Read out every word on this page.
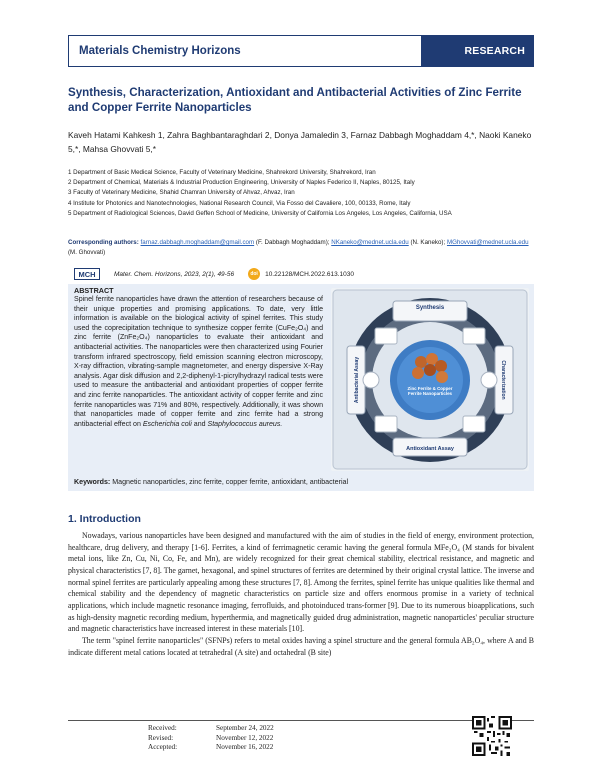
Materials Chemistry Horizons	RESEARCH
Synthesis, Characterization, Antioxidant and Antibacterial Activities of Zinc Ferrite and Copper Ferrite Nanoparticles
Kaveh Hatami Kahkesh 1, Zahra Baghbantaraghdari 2, Donya Jamaledin 3, Farnaz Dabbagh Moghaddam 4,*, Naoki Kaneko 5,*, Mahsa Ghovvati 5,*
1 Department of Basic Medical Science, Faculty of Veterinary Medicine, Shahrekord University, Shahrekord, Iran
2 Department of Chemical, Materials & Industrial Production Engineering, University of Naples Federico II, Naples, 80125, Italy
3 Faculty of Veterinary Medicine, Shahid Chamran University of Ahvaz, Ahvaz, Iran
4 Institute for Photonics and Nanotechnologies, National Research Council, Via Fosso del Cavaliere, 100, 00133, Rome, Italy
5 Department of Radiological Sciences, David Geffen School of Medicine, University of California Los Angeles, Los Angeles, California, USA
Corresponding authors: farnaz.dabbagh.moghaddam@gmail.com (F. Dabbagh Moghaddam); NKaneko@mednet.ucla.edu (N. Kaneko); MGhovvati@mednet.ucla.edu (M. Ghovvati)
MCH	Mater. Chem. Horizons, 2023, 2(1), 49-56	doi	10.22128/MCH.2022.613.1030
ABSTRACT
Spinel ferrite nanoparticles have drawn the attention of researchers because of their unique properties and promising applications. To date, very little information is available on the biological activity of spinel ferrites. This study used the coprecipitation technique to synthesize copper ferrite (CuFe₂O₄) and zinc ferrite (ZnFe₂O₄) nanoparticles to evaluate their antioxidant and antibacterial activities. The nanoparticles were then characterized using Fourier transform infrared spectroscopy, field emission scanning electron microscopy, X-ray diffraction, vibrating-sample magnetometer, and energy dispersive X-Ray analysis. Agar disk diffusion and 2,2-diphenyl-1-picrylhydrazyl radical tests were used to measure the antibacterial and antioxidant properties of copper ferrite and zinc ferrite nanoparticles. The antioxidant activity of copper ferrite and zinc ferrite nanoparticles was 71% and 80%, respectively. Additionally, it was shown that nanoparticles made of copper ferrite and zinc ferrite had a strong antibacterial effect on Escherichia coli and Staphylococcus aureus.
Synthesis
Antioxidant Assay
Antibacterial Assay	Characterization
Zinc Ferrite & Copper Ferrite Nanoparticles
Keywords: Magnetic nanoparticles, zinc ferrite, copper ferrite, antioxidant, antibacterial
1. Introduction

Nowadays, various nanoparticles have been designed and manufactured with the aim of studies in the field of energy, environment protection, healthcare, drug delivery, and therapy [1-6]. Ferrites, a kind of ferrimagnetic ceramic having the general formula MFe₂O₄ (M stands for bivalent metal ions, like Zn, Cu, Ni, Co, Fe, and Mn), are widely recognized for their great chemical stability, electrical resistance, and magnetic and physical characteristics [7, 8]. The garnet, hexagonal, and spinel structures of ferrites are determined by their original crystal lattice. The inverse and normal spinel ferrites are particularly appealing among these structures [7, 8]. Among the ferrites, spinel ferrite has unique qualities like thermal and chemical stability and the dependency of magnetic characteristics on particle size and offers enormous promise in a variety of technical applications, which include magnetic resonance imaging, ferrofluids, and photoinduced trans-former [9]. Due to its numerous bioapplications, such as high-density magnetic recording medium, hyperthermia, and magnetically guided drug administration, magnetic nanoparticles' peculiar structure and magnetic characteristics have increased interest in these materials [10].

The term "spinel ferrite nanoparticles" (SFNPs) refers to metal oxides having a spinel structure and the general formula AB₂O₄, where A and B indicate different metal cations located at tetrahedral (A site) and octahedral (B site)

Received:	September 24, 2022
Revised:	November 12, 2022
Accepted:	November 16, 2022
